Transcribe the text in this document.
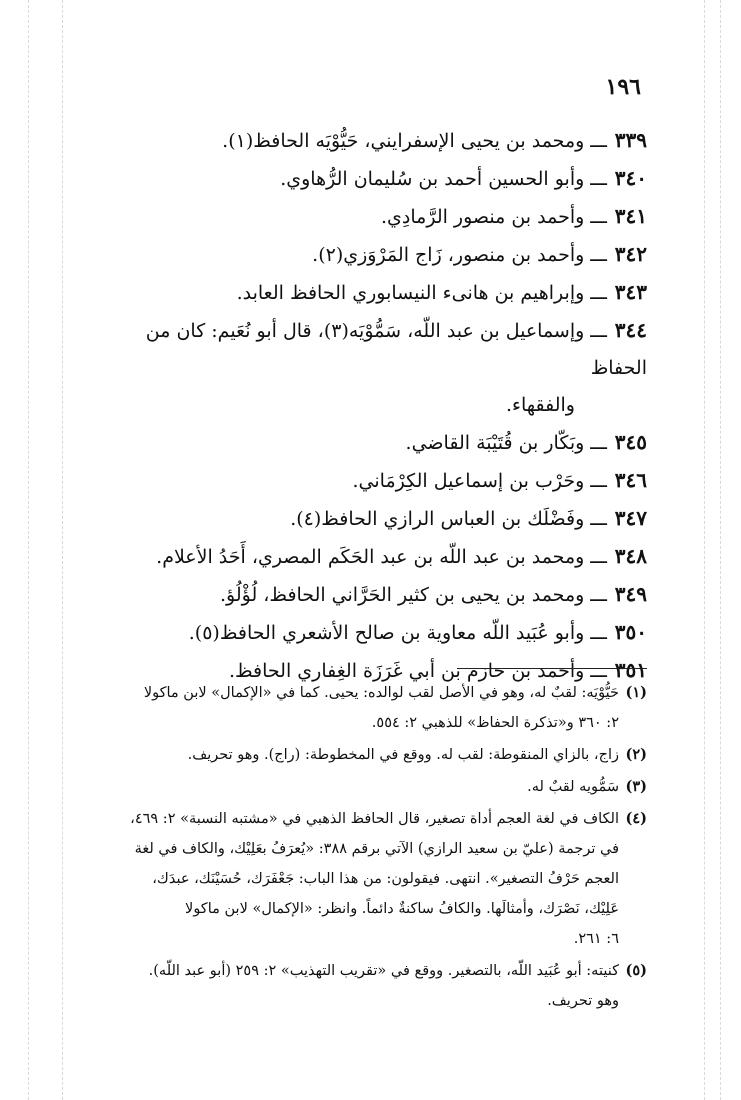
١٩٦
٣٣٩ـــومحمد بن يحيى الإسفرايني، حَيُّوْيَه الحافظ(١).
٣٤٠ـــوأبو الحسين أحمد بن سُليمان الرُّهاوي.
٣٤١ـــوأحمد بن منصور الرَّمادِي.
٣٤٢ـــوأحمد بن منصور، زَاج المَرْوَزي(٢).
٣٤٣ـــوإبراهيم بن هانىء النيسابوري الحافظ العابد.
٣٤٤ـــوإسماعيل بن عبد اللّه، سَمُّوْيَه(٣)، قال أبو نُعَيم: كان من الحفاظ
والفقهاء.
٣٤٥ـــوبَكّار بن قُتَيْبَة القاضي.
٣٤٦ـــوحَرْب بن إسماعيل الكِرْمَاني.
٣٤٧ـــوفَضْلَك بن العباس الرازي الحافظ(٤).
٣٤٨ـــومحمد بن عبد اللّه بن عبد الحَكَم المصري، أَحَدُ الأعلام.
٣٤٩ـــومحمد بن يحيى بن كثير الحَرَّاني الحافظ، لُؤْلُؤ.
٣٥٠ـــوأبو عُبَيد اللّه معاوية بن صالح الأشعري الحافظ(٥).
٣٥١ـــوأحمد بن حازم بن أبي غَرَزَة الغِفاري الحافظ.
(١)حَيُّوْيَه: لقبٌ له، وهو في الأصل لقب لوالده: يحيى. كما في «الإكمال» لابن ماكولا
٢: ٣٦٠ و«تذكرة الحفاظ» للذهبي ٢: ٥٥٤.
(٢)زاج، بالزاي المنقوطة: لقب له. ووقع في المخطوطة: (راج). وهو تحريف.
(٣)سَمُّويه لقبٌ له.
(٤)الكاف في لغة العجم أداة تصغير، قال الحافظ الذهبي في «مشتبه النسبة» ٢: ٤٦٩،
في ترجمة (عليّ بن سعيد الرازي) الآتي برقم ٣٨٨: «يُعرَفُ بعَلِيْك، والكاف في لغة
العجم حَرْفُ التصغير». انتهى. فيقولون: من هذا الباب: جَعْفَرَك، حُسَيْنَك، عبدَك،
عَلِيْك، نَصْرَك، وأمثالَها. والكافُ ساكنةٌ دائماً. وانظر: «الإكمال» لابن ماكولا
٦: ٢٦١.
(٥)كنيته: أبو عُبَيد اللّه، بالتصغير. ووقع في «تقريب التهذيب» ٢: ٢٥٩ (أبو عبد اللّه).
وهو تحريف.
